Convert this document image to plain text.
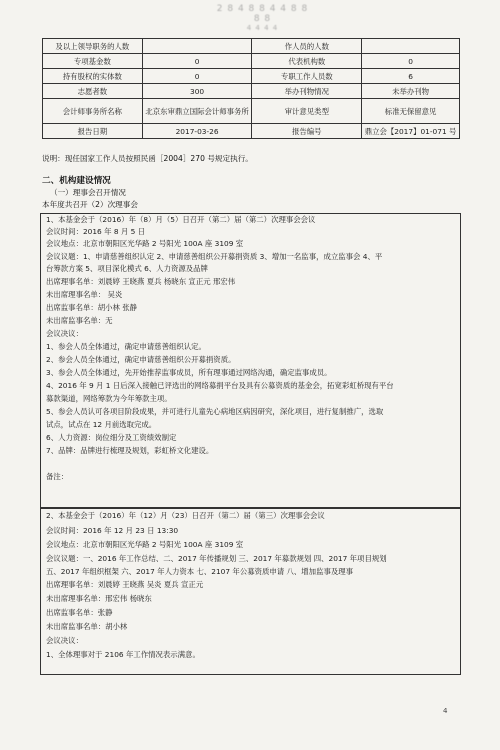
2 8 4 8 8 4 4 8 8 8 8
4 4 4 4
及以上领导职务的人数		作人员的人数	
专项基金数	0	代表机构数	0
持有股权的实体数	0	专职工作人员数	6
志愿者数	300	举办刊物情况	未举办刊物
会计师事务所名称	北京东审鼎立国际会计师事务所	审计意见类型	标准无保留意见
报告日期	2017-03-26	报告编号	鼎立会【2017】01-071 号
说明：现任国家工作人员按照民函［2004］270 号规定执行。
二、机构建设情况
（一）理事会召开情况
本年度共召开（2）次理事会
1、本基金会于（2016）年（8）月（5）日召开（第二）届（第二）次理事会会议
会议时间：2016 年 8 月 5 日
会议地点：北京市朝阳区光华路 2 号阳光 100A 座 3109 室
会议议题：1、申请慈善组织认定 2、申请慈善组织公开募捐资质 3、增加一名监事，成立监事会 4、平
台筹款方案 5、项目深化模式 6、人力资源及品牌
出席理事名单：刘晨婷 王晓燕 夏兵 杨晓东 宣正元 邢宏伟
未出席理事名单： 吴炎
出席监事名单：胡小林 张静
未出席监事名单：无
会议决议：
1、参会人员全体通过，确定申请慈善组织认定。
2、参会人员全体通过，确定申请慈善组织公开募捐资质。
3、参会人员全体通过，先开始推荐监事成员，所有理事通过网络沟通，确定监事成员。
4、2016 年 9 月 1 日后深入接触已评选出的网络募捐平台及具有公募资质的基金会，拓宽彩虹桥现有平台
募款渠道，网络筹款为今年筹款主项。
5、参会人员认可各项目阶段成果，并可进行儿童先心病地区病因研究，深化项目，进行复制推广，选取
试点，试点在 12 月前选取完成。
6、人力资源：岗位细分及工资绩效制定
7、品牌：品牌进行梳理及规划，彩虹桥文化建设。
备注：
2、本基金会于（2016）年（12）月（23）日召开（第二）届（第三）次理事会会议
会议时间：2016 年 12 月 23 日 13:30
会议地点：北京市朝阳区光华路 2 号阳光 100A 座 3109 室
会议议题：一、2016 年工作总结、二、2017 年传播规划 三、2017 年募款规划 四、2017 年项目规划
五、2017 年组织框架 六、2017 年人力资本 七、2107 年公募资质申请 八、增加监事及理事
出席理事名单：刘晨婷 王晓燕 吴炎 夏兵 宣正元
未出席理事名单：邢宏伟 杨晓东
出席监事名单：张静
未出席监事名单：胡小林
会议决议：
1、全体理事对于 2106 年工作情况表示满意。
4
